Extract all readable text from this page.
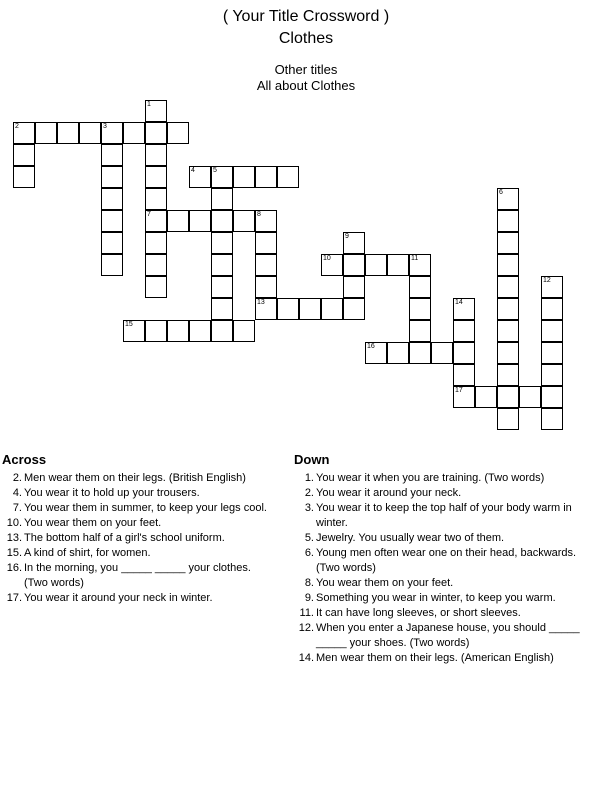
( Your Title Crossword )
Clothes
Other titles
All about Clothes
1
7
2	3
4	5
6
8
13
9
10	11
12
14
17
15
16
Across
2. Men wear them on their legs. (British English)
4. You wear it to hold up your trousers.
7. You wear them in summer, to keep your legs cool.
10. You wear them on your feet.
13. The bottom half of a girl's school uniform.
15. A kind of shirt, for women.
16. In the morning, you _____ _____ your clothes. (Two words)
17. You wear it around your neck in winter.
Down
1. You wear it when you are training. (Two words)
2. You wear it around your neck.
3. You wear it to keep the top half of your body warm in winter.
5. Jewelry. You usually wear two of them.
6. Young men often wear one on their head, backwards. (Two words)
8. You wear them on your feet.
9. Something you wear in winter, to keep you warm.
11. It can have long sleeves, or short sleeves.
12. When you enter a Japanese house, you should _____ _____ your shoes. (Two words)
14. Men wear them on their legs. (American English)
